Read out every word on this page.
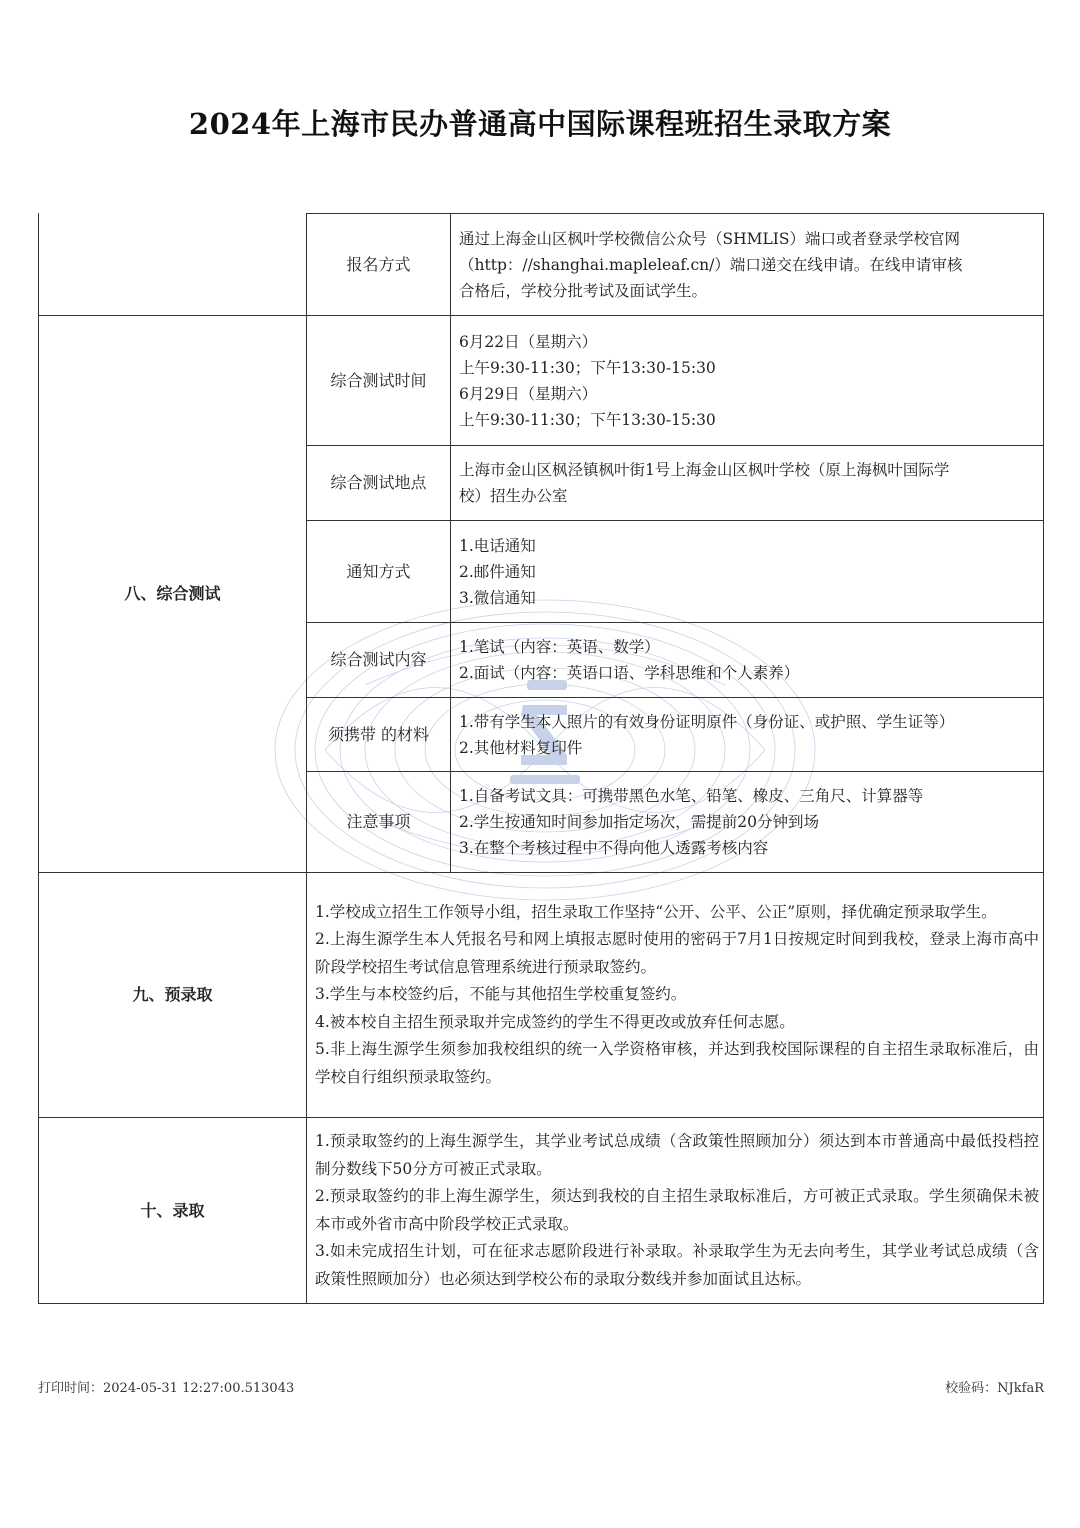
2024年上海市民办普通高中国际课程班招生录取方案
报名方式
通过上海金山区枫叶学校微信公众号（SHMLIS）端口或者登录学校官网
（http：//shanghai.mapleleaf.cn/）端口递交在线申请。在线申请审核
合格后，学校分批考试及面试学生。
八、综合测试
综合测试时间
6月22日（星期六）
上午9:30-11:30；下午13:30-15:30
6月29日（星期六）
上午9:30-11:30；下午13:30-15:30
综合测试地点
上海市金山区枫泾镇枫叶街1号上海金山区枫叶学校（原上海枫叶国际学
校）招生办公室
通知方式
1.电话通知
2.邮件通知
3.微信通知
综合测试内容
1.笔试（内容：英语、数学）
2.面试（内容：英语口语、学科思维和个人素养）
须携带 的材料
1.带有学生本人照片的有效身份证明原件（身份证、或护照、学生证等）
2.其他材料复印件
注意事项
1.自备考试文具：可携带黑色水笔、铅笔、橡皮、三角尺、计算器等
2.学生按通知时间参加指定场次，需提前20分钟到场
3.在整个考核过程中不得向他人透露考核内容
九、预录取
1.学校成立招生工作领导小组，招生录取工作坚持“公开、公平、公正”原则，择优确定预录取学生。
2.上海生源学生本人凭报名号和网上填报志愿时使用的密码于7月1日按规定时间到我校，登录上海市高中阶段学校招生考试信息管理系统进行预录取签约。
3.学生与本校签约后，不能与其他招生学校重复签约。
4.被本校自主招生预录取并完成签约的学生不得更改或放弃任何志愿。
5.非上海生源学生须参加我校组织的统一入学资格审核，并达到我校国际课程的自主招生录取标准后，由学校自行组织预录取签约。
十、录取
1.预录取签约的上海生源学生，其学业考试总成绩（含政策性照顾加分）须达到本市普通高中最低投档控制分数线下50分方可被正式录取。
2.预录取签约的非上海生源学生，须达到我校的自主招生录取标准后，方可被正式录取。学生须确保未被本市或外省市高中阶段学校正式录取。
3.如未完成招生计划，可在征求志愿阶段进行补录取。补录取学生为无去向考生，其学业考试总成绩（含政策性照顾加分）也必须达到学校公布的录取分数线并参加面试且达标。
打印时间：2024-05-31 12:27:00.513043	校验码：NJkfaR
